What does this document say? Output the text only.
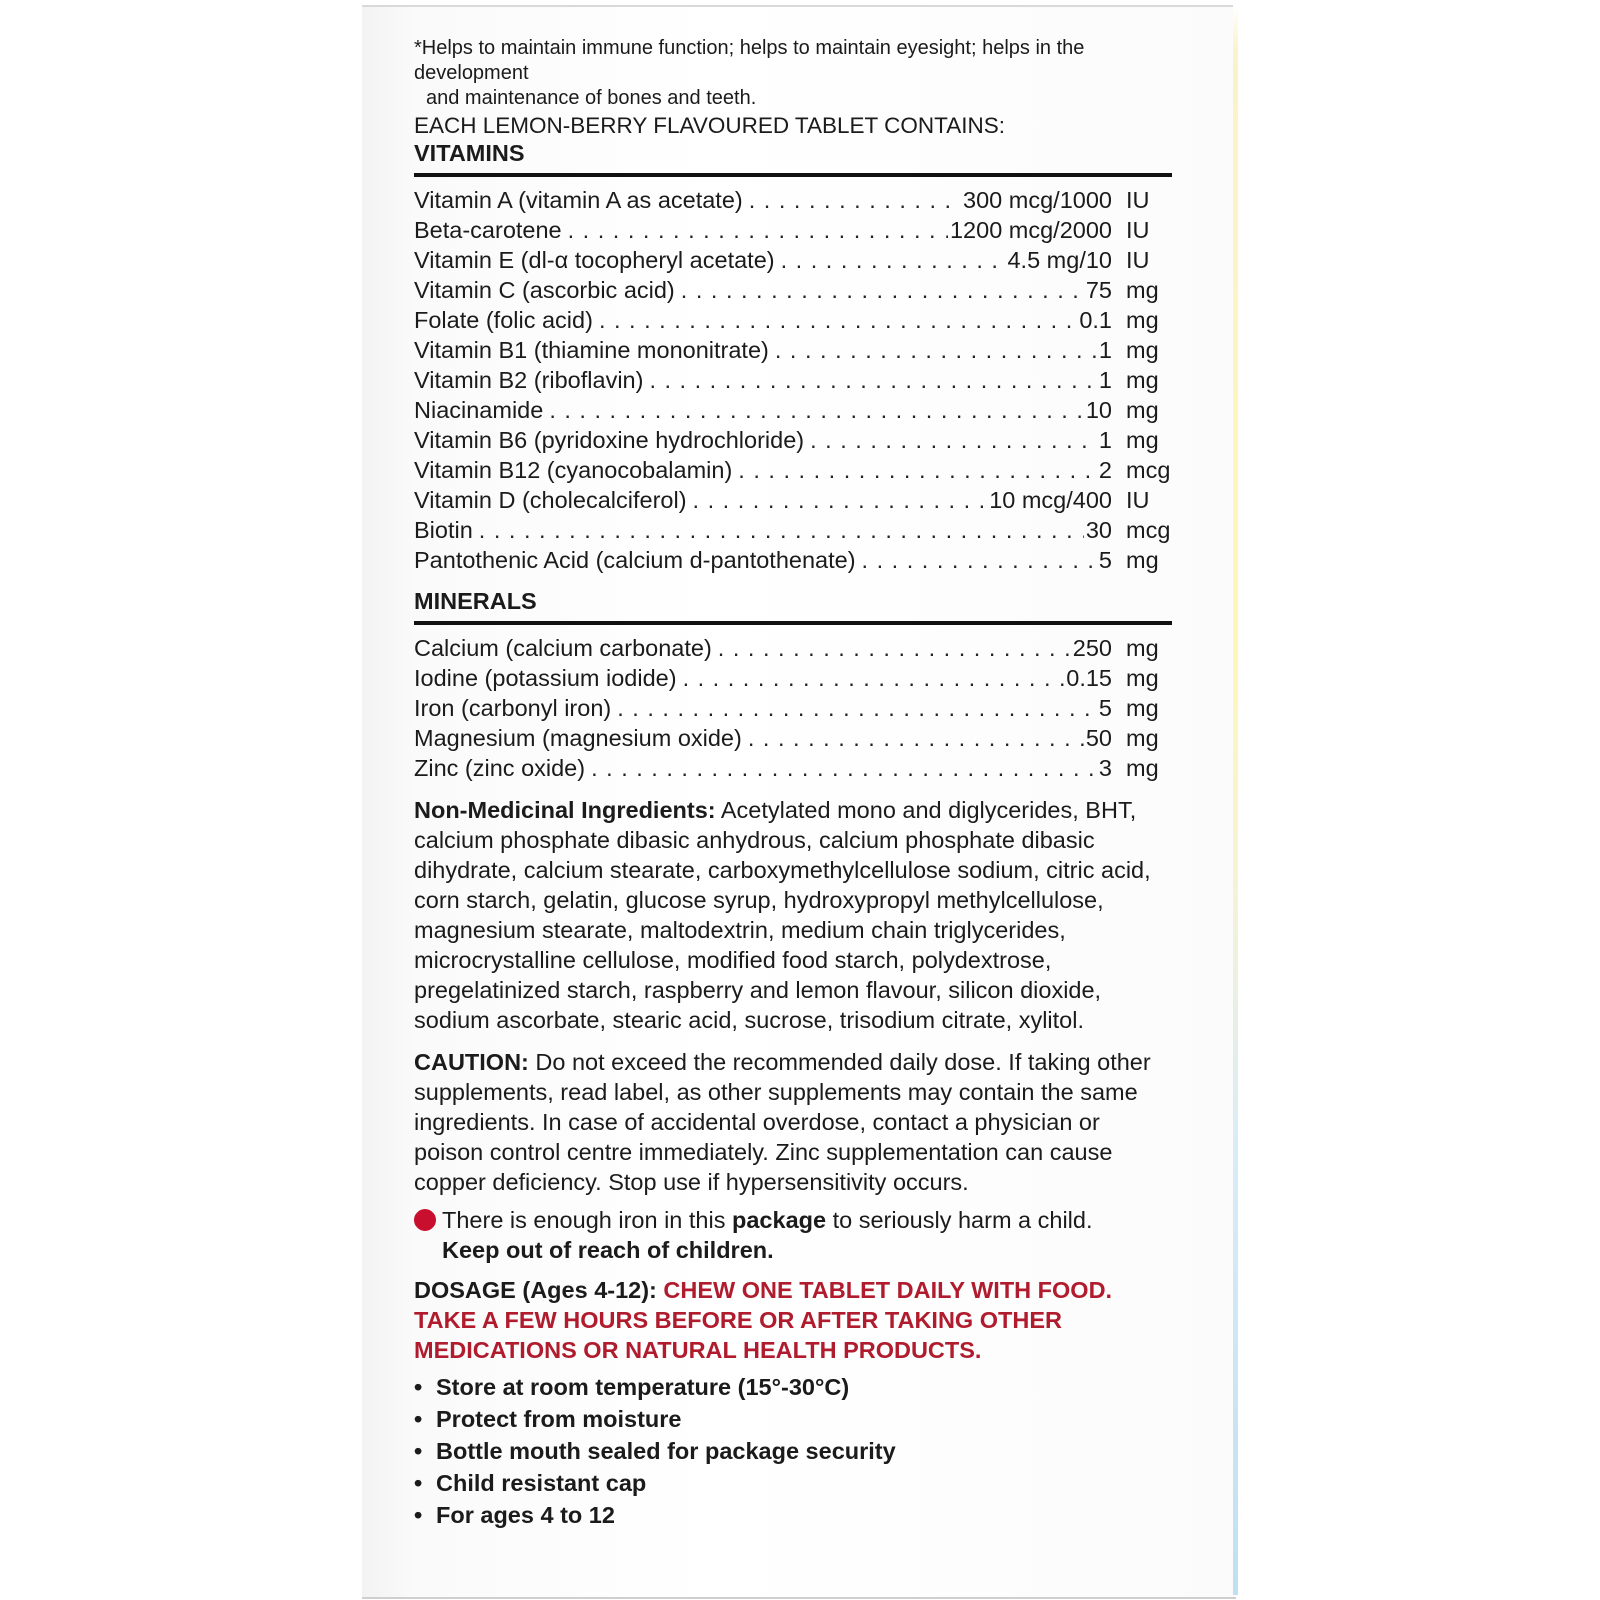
*Helps to maintain immune function; helps to maintain eyesight; helps in the development
and maintenance of bones and teeth.
EACH LEMON-BERRY FLAVOURED TABLET CONTAINS:
VITAMINS
Vitamin A (vitamin A as acetate) . . .	300 mcg/1000 IU
Beta-carotene . . .	1200 mcg/2000 IU
Vitamin E (dl-α tocopheryl acetate) . . .	4.5 mg/10 IU
Vitamin C (ascorbic acid) . . .	75 mg
Folate (folic acid) . . .	0.1 mg
Vitamin B1 (thiamine mononitrate) . . .	1 mg
Vitamin B2 (riboflavin) . . .	1 mg
Niacinamide . . .	10 mg
Vitamin B6 (pyridoxine hydrochloride) . . .	1 mg
Vitamin B12 (cyanocobalamin) . . .	2 mcg
Vitamin D (cholecalciferol) . . .	10 mcg/400 IU
Biotin . . .	30 mcg
Pantothenic Acid (calcium d-pantothenate) . . .	5 mg
MINERALS
Calcium (calcium carbonate) . . .	250 mg
Iodine (potassium iodide) . . .	0.15 mg
Iron (carbonyl iron) . . .	5 mg
Magnesium (magnesium oxide) . . .	50 mg
Zinc (zinc oxide) . . .	3 mg
Non-Medicinal Ingredients: Acetylated mono and diglycerides, BHT, calcium phosphate dibasic anhydrous, calcium phosphate dibasic dihydrate, calcium stearate, carboxymethylcellulose sodium, citric acid, corn starch, gelatin, glucose syrup, hydroxypropyl methylcellulose, magnesium stearate, maltodextrin, medium chain triglycerides, microcrystalline cellulose, modified food starch, polydextrose, pregelatinized starch, raspberry and lemon flavour, silicon dioxide, sodium ascorbate, stearic acid, sucrose, trisodium citrate, xylitol.
CAUTION: Do not exceed the recommended daily dose. If taking other supplements, read label, as other supplements may contain the same ingredients. In case of accidental overdose, contact a physician or poison control centre immediately. Zinc supplementation can cause copper deficiency. Stop use if hypersensitivity occurs.
There is enough iron in this package to seriously harm a child.
Keep out of reach of children.
DOSAGE (Ages 4-12): CHEW ONE TABLET DAILY WITH FOOD. TAKE A FEW HOURS BEFORE OR AFTER TAKING OTHER MEDICATIONS OR NATURAL HEALTH PRODUCTS.
• Store at room temperature (15°-30°C)
• Protect from moisture
• Bottle mouth sealed for package security
• Child resistant cap
• For ages 4 to 12
